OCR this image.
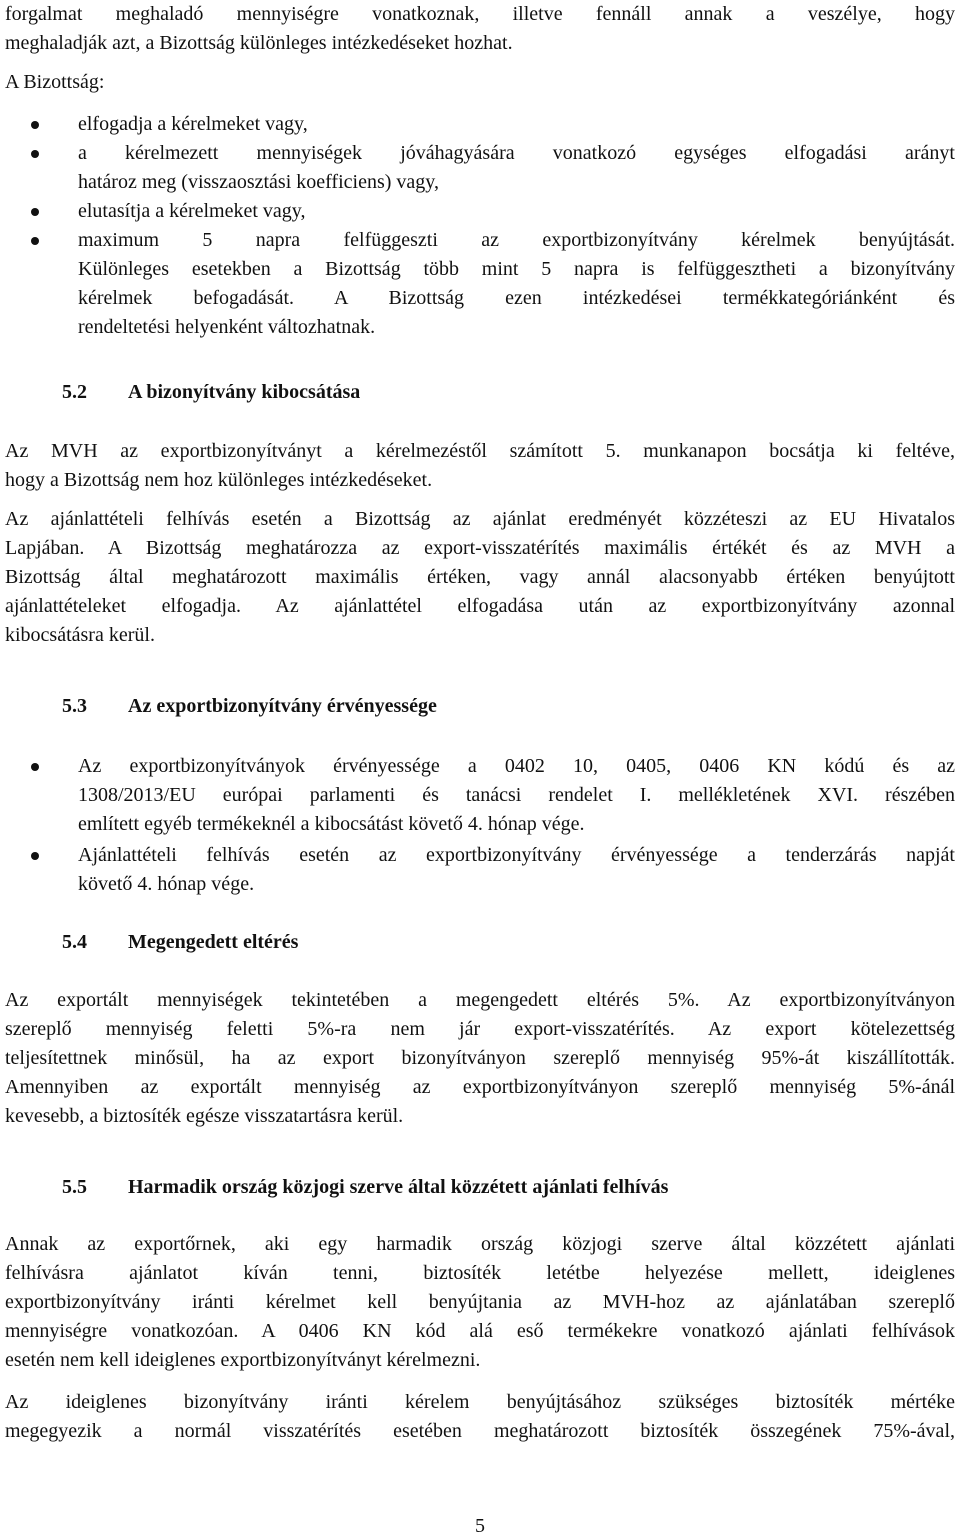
forgalmat meghaladó mennyiségre vonatkoznak, illetve fennáll annak a veszélye, hogy
meghaladják azt, a Bizottság különleges intézkedéseket hozhat.
A Bizottság:
elfogadja a kérelmeket vagy,
a kérelmezett mennyiségek jóváhagyására vonatkozó egységes elfogadási arányt
határoz meg (visszaosztási koefficiens) vagy,
elutasítja a kérelmeket vagy,
maximum 5 napra felfüggeszti az exportbizonyítvány kérelmek benyújtását.
Különleges esetekben a Bizottság több mint 5 napra is felfüggesztheti a bizonyítvány
kérelmek befogadását. A Bizottság ezen intézkedései termékkategóriánként és
rendeltetési helyenként változhatnak.
5.2 A bizonyítvány kibocsátása
Az MVH az exportbizonyítványt a kérelmezéstől számított 5. munkanapon bocsátja ki feltéve,
hogy a Bizottság nem hoz különleges intézkedéseket.
Az ajánlattételi felhívás esetén a Bizottság az ajánlat eredményét közzéteszi az EU Hivatalos
Lapjában. A Bizottság meghatározza az export-visszatérítés maximális értékét és az MVH a
Bizottság által meghatározott maximális értéken, vagy annál alacsonyabb értéken benyújtott
ajánlattételeket elfogadja. Az ajánlattétel elfogadása után az exportbizonyítvány azonnal
kibocsátásra kerül.
5.3 Az exportbizonyítvány érvényessége
Az exportbizonyítványok érvényessége a 0402 10, 0405, 0406 KN kódú és az
1308/2013/EU európai parlamenti és tanácsi rendelet I. mellékletének XVI. részében
említett egyéb termékeknél a kibocsátást követő 4. hónap vége.
Ajánlattételi felhívás esetén az exportbizonyítvány érvényessége a tenderzárás napját
követő 4. hónap vége.
5.4 Megengedett eltérés
Az exportált mennyiségek tekintetében a megengedett eltérés 5%. Az exportbizonyítványon
szereplő mennyiség feletti 5%-ra nem jár export-visszatérítés. Az export kötelezettség
teljesítettnek minősül, ha az export bizonyítványon szereplő mennyiség 95%-át kiszállították.
Amennyiben az exportált mennyiség az exportbizonyítványon szereplő mennyiség 5%-ánál
kevesebb, a biztosíték egésze visszatartásra kerül.
5.5 Harmadik ország közjogi szerve által közzétett ajánlati felhívás
Annak az exportőrnek, aki egy harmadik ország közjogi szerve által közzétett ajánlati
felhívásra ajánlatot kíván tenni, biztosíték letétbe helyezése mellett, ideiglenes
exportbizonyítvány iránti kérelmet kell benyújtania az MVH-hoz az ajánlatában szereplő
mennyiségre vonatkozóan. A 0406 KN kód alá eső termékekre vonatkozó ajánlati felhívások
esetén nem kell ideiglenes exportbizonyítványt kérelmezni.
Az ideiglenes bizonyítvány iránti kérelem benyújtásához szükséges biztosíték mértéke
megegyezik a normál visszatérítés esetében meghatározott biztosíték összegének 75%-ával,
5
